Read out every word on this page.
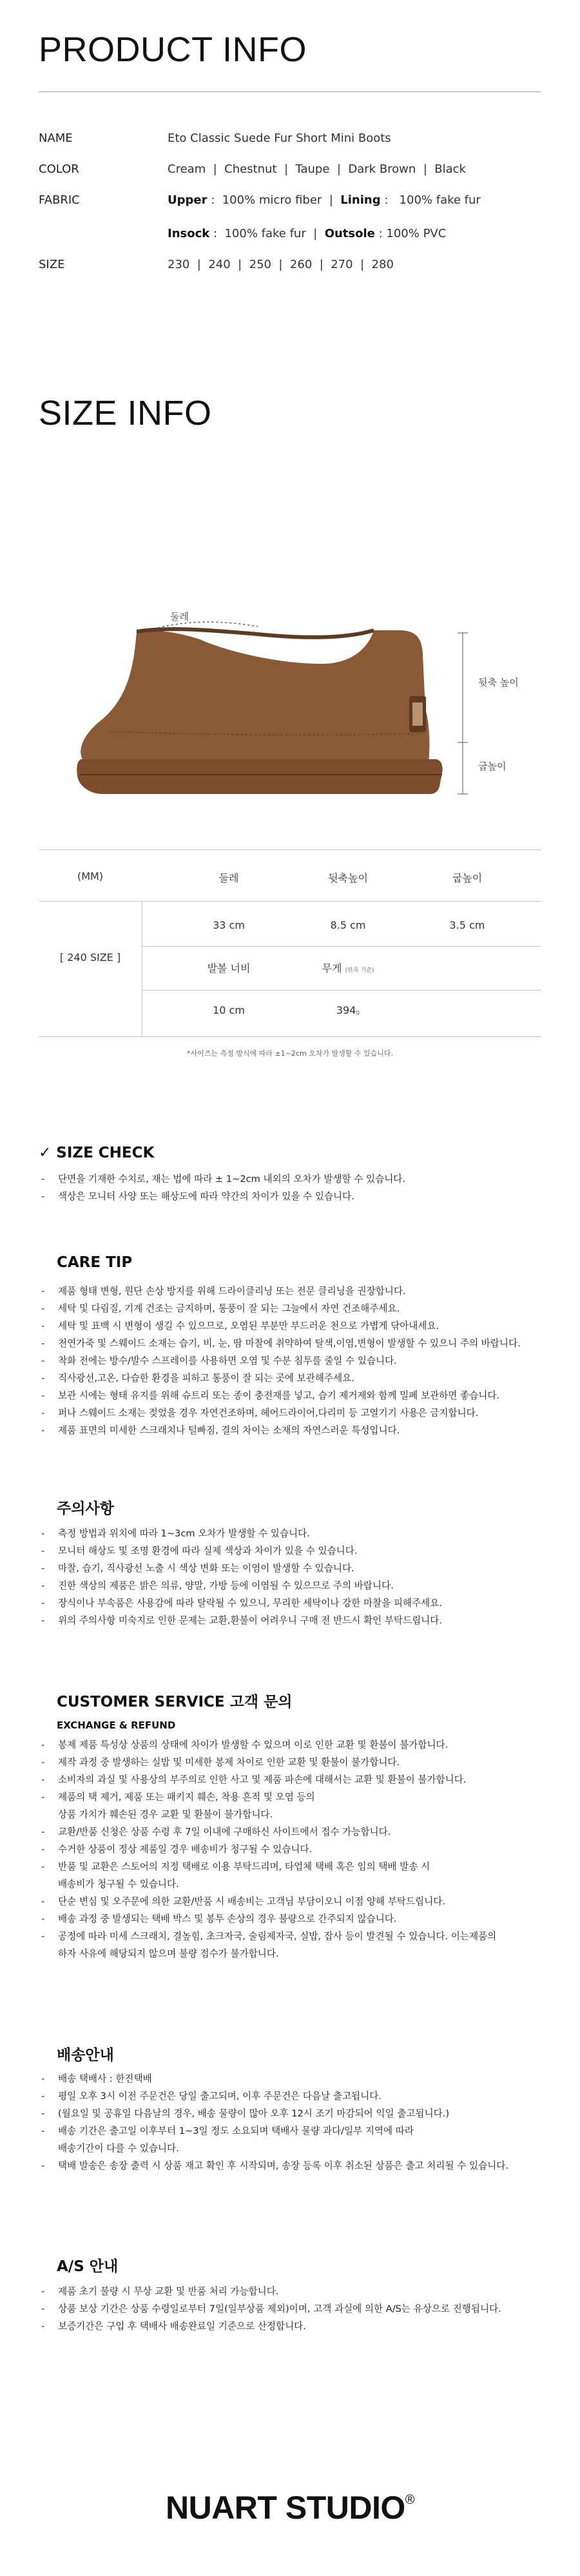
PRODUCT INFO
NAME	Eto Classic Suede Fur Short Mini Boots
COLOR	Cream  |  Chestnut  |  Taupe  |  Dark Brown  |  Black
FABRIC	Upper :  100% micro fiber  |  Lining :   100% fake fur
Insock :  100% fake fur  |  Outsole : 100% PVC
SIZE	230  |  240  |  250  |  260  |  270  |  280
SIZE INFO
둘레
뒷축 높이
굽높이
(MM)	둘레	뒷축높이	굽높이
[ 240 SIZE ]
33 cm	8.5 cm	3.5 cm
발볼 너비	무게 (한족 기준)
10 cm	394g
*사이즈는 측정 방식에 따라 ±1~2cm 오차가 발생할 수 있습니다.
✓ SIZE CHECK
- 단면을 기재한 수치로, 재는 법에 따라 ± 1~2cm 내외의 오차가 발생할 수 있습니다.
- 색상은 모니터 사양 또는 해상도에 따라 약간의 차이가 있을 수 있습니다.
CARE TIP
- 제품 형태 변형, 원단 손상 방지를 위해 드라이클리닝 또는 전문 클리닝을 권장합니다.
- 세탁 및 다림질, 기계 건조는 금지하며, 통풍이 잘 되는 그늘에서 자연 건조해주세요.
- 세탁 및 표백 시 변형이 생길 수 있으므로, 오염된 부분만 부드러운 천으로 가볍게 닦아내세요.
- 천연가죽 및 스웨이드 소재는 습기, 비, 눈, 땀 마찰에 취약하여 탈색,이염,변형이 발생할 수 있으니 주의 바랍니다.
- 착화 전에는 방수/발수 스프레이를 사용하면 오염 및 수분 침투를 줄일 수 있습니다.
- 직사광선,고온, 다습한 환경을 피하고 통풍이 잘 되는 곳에 보관해주세요.
- 보관 시에는 형태 유지를 위해 슈트리 또는 종이 충전재를 넣고, 습기 제거제와 함께 밀폐 보관하면 좋습니다.
- 퍼나 스웨이드 소재는 젖었을 경우 자연건조하며, 헤어드라이어,다리미 등 고열기기 사용은 금지합니다.
- 제품 표면의 미세한 스크래치나 털빠짐, 결의 차이는 소재의 자연스러운 특성입니다.
주의사항
- 측정 방법과 위치에 따라 1~3cm 오차가 발생할 수 있습니다.
- 모니터 해상도 및 조명 환경에 따라 실제 색상과 차이가 있을 수 있습니다.
- 마찰, 습기, 직사광선 노출 시 색상 변화 또는 이염이 발생할 수 있습니다.
- 진한 색상의 제품은 밝은 의류, 양말, 가방 등에 이염될 수 있으므로 주의 바랍니다.
- 장식이나 부속품은 사용감에 따라 탈락될 수 있으니, 무리한 세탁이나 강한 마찰을 피해주세요.
- 위의 주의사항 미숙지로 인한 문제는 교환,환불이 어려우니 구매 전 반드시 확인 부탁드립니다.
CUSTOMER SERVICE 고객 문의
EXCHANGE & REFUND
- 봉제 제품 특성상 상품의 상태에 차이가 발생할 수 있으며 이로 인한 교환 및 환불이 불가합니다.
- 제작 과정 중 발생하는 실밥 및 미세한 봉제 차이로 인한 교환 및 환불이 불가합니다.
- 소비자의 과실 및 사용상의 부주의로 인한 사고 및 제품 파손에 대해서는 교환 및 환불이 불가합니다.
- 제품의 택 제거, 제품 또는 패키지 훼손, 착용 흔적 및 오염 등의
상품 가치가 훼손된 경우 교환 및 환불이 불가합니다.
- 교환/반품 신청은 상품 수령 후 7일 이내에 구매하신 사이트에서 접수 가능합니다.
- 수거한 상품이 정상 제품일 경우 배송비가 청구될 수 있습니다.
- 반품 및 교환은 스토어의 지정 택배로 이용 부탁드리며, 타업체 택배 혹은 임의 택배 발송 시
배송비가 청구될 수 있습니다.
- 단순 변심 및 오주문에 의한 교환/반품 시 배송비는 고객님 부담이오니 이점 양해 부탁드립니다.
- 배송 과정 중 발생되는 택배 박스 및 봉투 손상의 경우 불량으로 간주되지 않습니다.
- 공정에 따라 미세 스크래치, 결높힘, 초크자국, 술림제자국, 실밥, 잡사 등이 발견될 수 있습니다. 이는제품의
하자 사유에 해당되지 않으며 불량 접수가 불가합니다.
배송안내
- 배송 택배사 : 한진택배
- 평일 오후 3시 이전 주문건은 당일 출고되며, 이후 주문건은 다음날 출고됩니다.
- (월요일 및 공휴일 다음날의 경우, 배송 물량이 많아 오후 12시 조기 마감되어 익일 출고됩니다.)
- 배송 기간은 출고일 이후부터 1~3일 정도 소요되며 택배사 물량 과다/일부 지역에 따라
배송기간이 다를 수 있습니다.
- 택배 발송은 송장 출력 시 상품 재고 확인 후 시작되며, 송장 등록 이후 취소된 상품은 출고 처리될 수 있습니다.
A/S 안내
- 제품 초기 불량 시 무상 교환 및 반품 처리 가능합니다.
- 상품 보상 기간은 상품 수령일로부터 7일(일부상품 제외)이며, 고객 과실에 의한 A/S는 유상으로 진행됩니다.
- 보증기간은 구입 후 택배사 배송완료일 기준으로 산정합니다.
NUART STUDIO®
